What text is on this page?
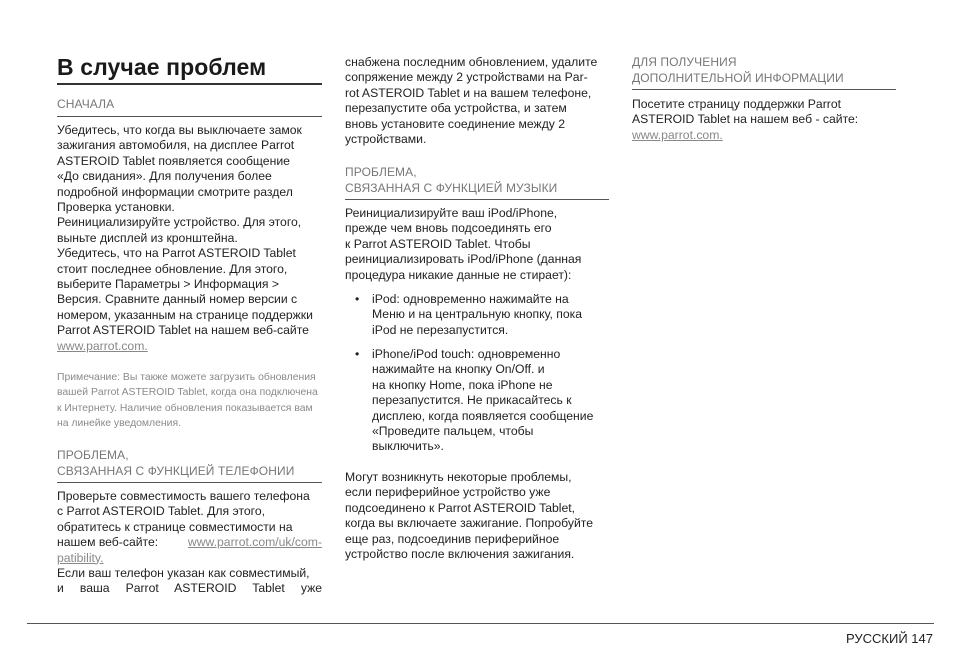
В случае проблем
СНАЧАЛА
Убедитесь, что когда вы выключаете замок
зажигания автомобиля, на дисплее Parrot
ASTEROID Tablet появляется сообщение
«До свидания». Для получения более
подробной информации смотрите раздел
Проверка установки.
Реинициализируйте устройство. Для этого,
выньте дисплей из кронштейна.
Убедитесь, что на Parrot ASTEROID Tablet
стоит последнее обновление. Для этого,
выберите Параметры > Информация >
Версия. Сравните данный номер версии с
номером, указанным на странице поддержки
Parrot ASTEROID Tablet на нашем веб-сайте
www.parrot.com.
Примечание: Вы также можете загрузить обновления
вашей Parrot ASTEROID Tablet, когда она подключена
к Интернету. Наличие обновления показывается вам
на линейке уведомления.
ПРОБЛЕМА,
СВЯЗАННАЯ С ФУНКЦИЕЙ ТЕЛЕФОНИИ
Проверьте совместимость вашего телефона
с Parrot ASTEROID Tablet. Для этого,
обратитесь к странице совместимости на
нашем веб-сайте: www.parrot.com/uk/com-
patibility.
Если ваш телефон указан как совместимый,
и ваша Parrot ASTEROID Tablet уже
снабжена последним обновлением, удалите
сопряжение между 2 устройствами на Par-
rot ASTEROID Tablet и на вашем телефоне,
перезапустите оба устройства, и затем
вновь установите соединение между 2
устройствами.
ПРОБЛЕМА,
СВЯЗАННАЯ С ФУНКЦИЕЙ МУЗЫКИ
Реинициализируйте ваш iPod/iPhone,
прежде чем вновь подсоединять его
к Parrot ASTEROID Tablet. Чтобы
реинициализировать iPod/iPhone (данная
процедура никакие данные не стирает):
• iPod: одновременно нажимайте на
Меню и на центральную кнопку, пока
iPod не перезапустится.
• iPhone/iPod touch: одновременно
нажимайте на кнопку On/Off. и
на кнопку Home, пока iPhone не
перезапустится. Не прикасайтесь к
дисплею, когда появляется сообщение
«Проведите пальцем, чтобы
выключить».
Могут возникнуть некоторые проблемы,
если периферийное устройство уже
подсоединено к Parrot ASTEROID Tablet,
когда вы включаете зажигание. Попробуйте
еще раз, подсоединив периферийное
устройство после включения зажигания.
ДЛЯ ПОЛУЧЕНИЯ
ДОПОЛНИТЕЛЬНОЙ ИНФОРМАЦИИ
Посетите страницу поддержки Parrot
ASTEROID Tablet на нашем веб - сайте:
www.parrot.com.
РУССКИЙ 147
